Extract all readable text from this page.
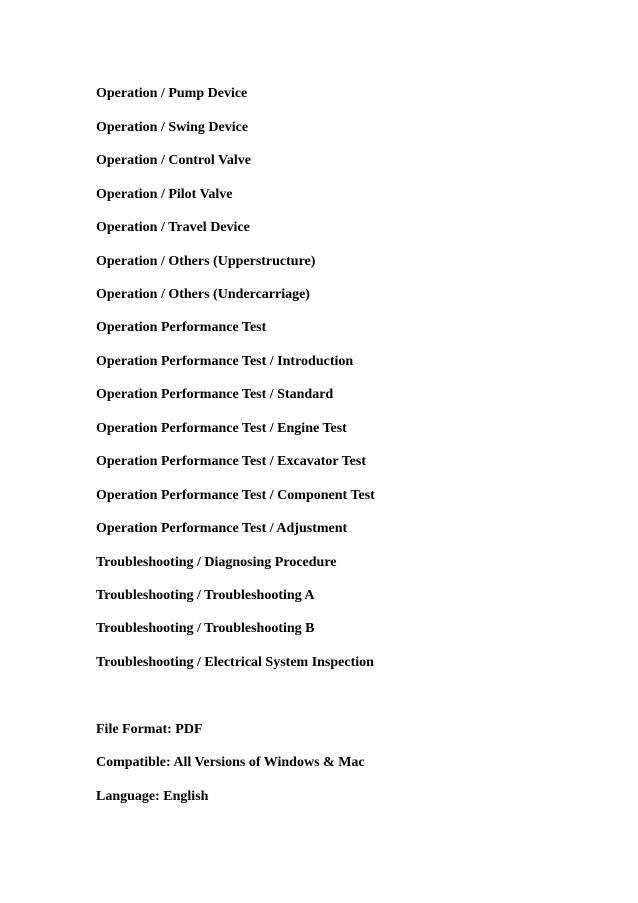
Operation / Pump Device
Operation / Swing Device
Operation / Control Valve
Operation / Pilot Valve
Operation / Travel Device
Operation / Others (Upperstructure)
Operation / Others (Undercarriage)
Operation Performance Test
Operation Performance Test / Introduction
Operation Performance Test / Standard
Operation Performance Test / Engine Test
Operation Performance Test / Excavator Test
Operation Performance Test / Component Test
Operation Performance Test / Adjustment
Troubleshooting / Diagnosing Procedure
Troubleshooting / Troubleshooting A
Troubleshooting / Troubleshooting B
Troubleshooting / Electrical System Inspection
File Format: PDF
Compatible: All Versions of Windows & Mac
Language: English
